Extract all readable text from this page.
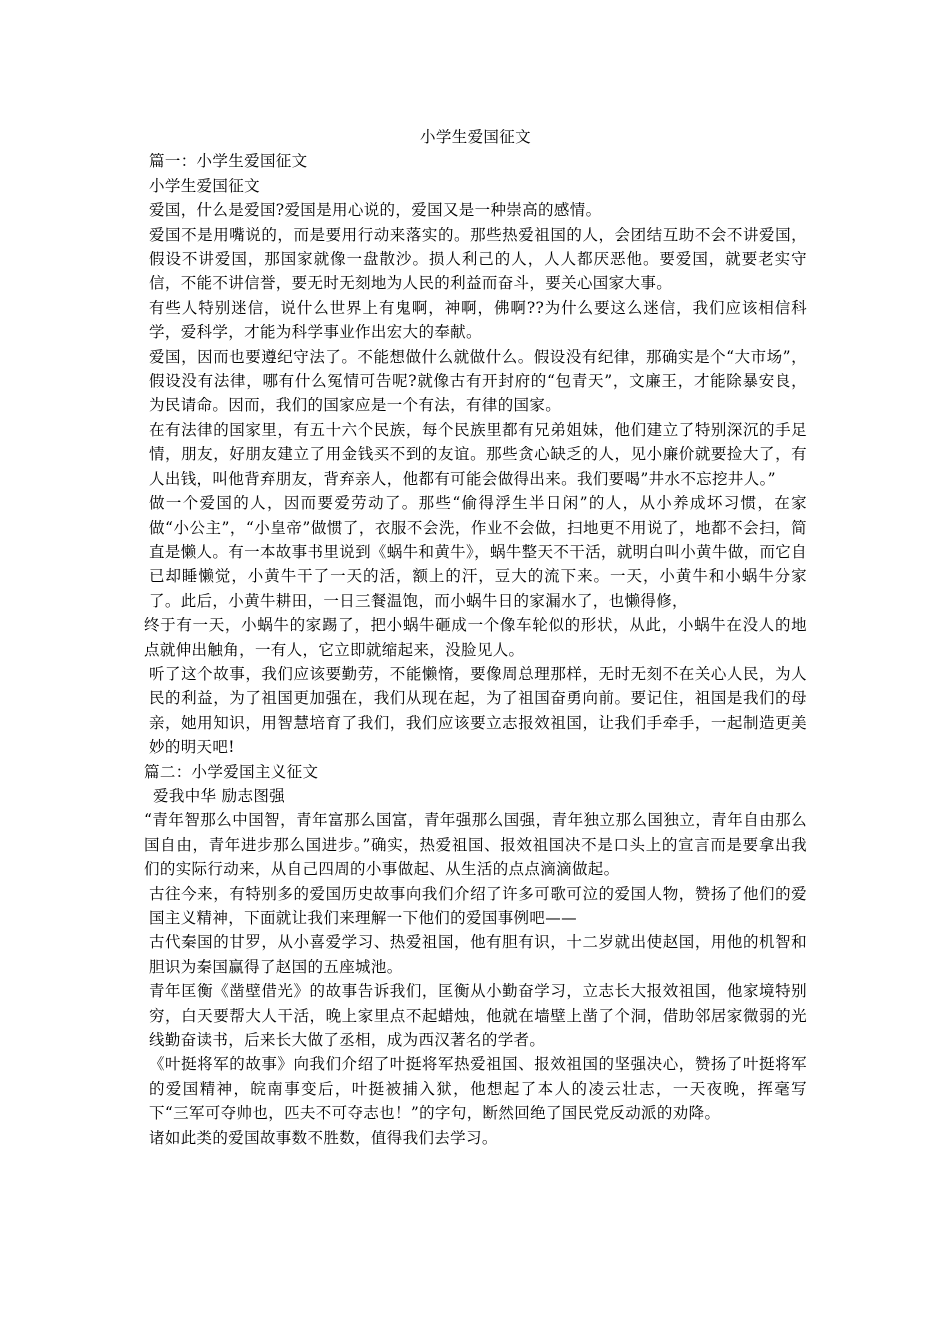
小学生爱国征文

篇一：小学生爱国征文

小学生爱国征文

爱国，什么是爱国?爱国是用心说的，爱国又是一种崇高的感情。

爱国不是用嘴说的，而是要用行动来落实的。那些热爱祖国的人，会团结互助不会不讲爱国，假设不讲爱国，那国家就像一盘散沙。损人利己的人，人人都厌恶他。要爱国，就要老实守信，不能不讲信誉，要无时无刻地为人民的利益而奋斗，要关心国家大事。

有些人特别迷信，说什么世界上有鬼啊，神啊，佛啊??为什么要这么迷信，我们应该相信科学，爱科学，才能为科学事业作出宏大的奉献。

爱国，因而也要遵纪守法了。不能想做什么就做什么。假设没有纪律，那确实是个“大市场”，假设没有法律，哪有什么冤情可告呢?就像古有开封府的“包青天”，文廉王，才能除暴安良，为民请命。因而，我们的国家应是一个有法，有律的国家。

在有法律的国家里，有五十六个民族，每个民族里都有兄弟姐妹，他们建立了特别深沉的手足情，朋友，好朋友建立了用金钱买不到的友谊。那些贪心缺乏的人，见小廉价就要捡大了，有人出钱，叫他背弃朋友，背弃亲人，他都有可能会做得出来。我们要喝”井水不忘挖井人。”

做一个爱国的人，因而要爱劳动了。那些“偷得浮生半日闲”的人，从小养成坏习惯，在家做“小公主”，“小皇帝”做惯了，衣服不会洗，作业不会做，扫地更不用说了，地都不会扫，简直是懒人。有一本故事书里说到《蜗牛和黄牛》，蜗牛整天不干活，就明白叫小黄牛做，而它自已却睡懒觉，小黄牛干了一天的活，额上的汗，豆大的流下来。一天，小黄牛和小蜗牛分家了。此后，小黄牛耕田，一日三餐温饱，而小蜗牛日的家漏水了，也懒得修，

终于有一天，小蜗牛的家踢了，把小蜗牛砸成一个像车轮似的形状，从此，小蜗牛在没人的地点就伸出触角，一有人，它立即就缩起来，没脸见人。

听了这个故事，我们应该要勤劳，不能懒惰，要像周总理那样，无时无刻不在关心人民，为人民的利益，为了祖国更加强在，我们从现在起，为了祖国奋勇向前。要记住，祖国是我们的母亲，她用知识，用智慧培育了我们，我们应该要立志报效祖国，让我们手牵手，一起制造更美妙的明天吧!

篇二：小学爱国主义征文

爱我中华 励志图强

“青年智那么中国智，青年富那么国富，青年强那么国强，青年独立那么国独立，青年自由那么国自由，青年进步那么国进步。”确实，热爱祖国、报效祖国决不是口头上的宣言而是要拿出我们的实际行动来，从自己四周的小事做起、从生活的点点滴滴做起。

古往今来，有特别多的爱国历史故事向我们介绍了许多可歌可泣的爱国人物，赞扬了他们的爱国主义精神，下面就让我们来理解一下他们的爱国事例吧——

古代秦国的甘罗，从小喜爱学习、热爱祖国，他有胆有识，十二岁就出使赵国，用他的机智和胆识为秦国赢得了赵国的五座城池。

青年匡衡《凿壁借光》的故事告诉我们，匡衡从小勤奋学习，立志长大报效祖国，他家境特别穷，白天要帮大人干活，晚上家里点不起蜡烛，他就在墙壁上凿了个洞，借助邻居家微弱的光线勤奋读书，后来长大做了丞相，成为西汉著名的学者。

《叶挺将军的故事》向我们介绍了叶挺将军热爱祖国、报效祖国的坚强决心，赞扬了叶挺将军的爱国精神，皖南事变后，叶挺被捕入狱，他想起了本人的凌云壮志，一天夜晚，挥毫写下“三军可夺帅也，匹夫不可夺志也！”的字句，断然回绝了国民党反动派的劝降。

诸如此类的爱国故事数不胜数，值得我们去学习。
